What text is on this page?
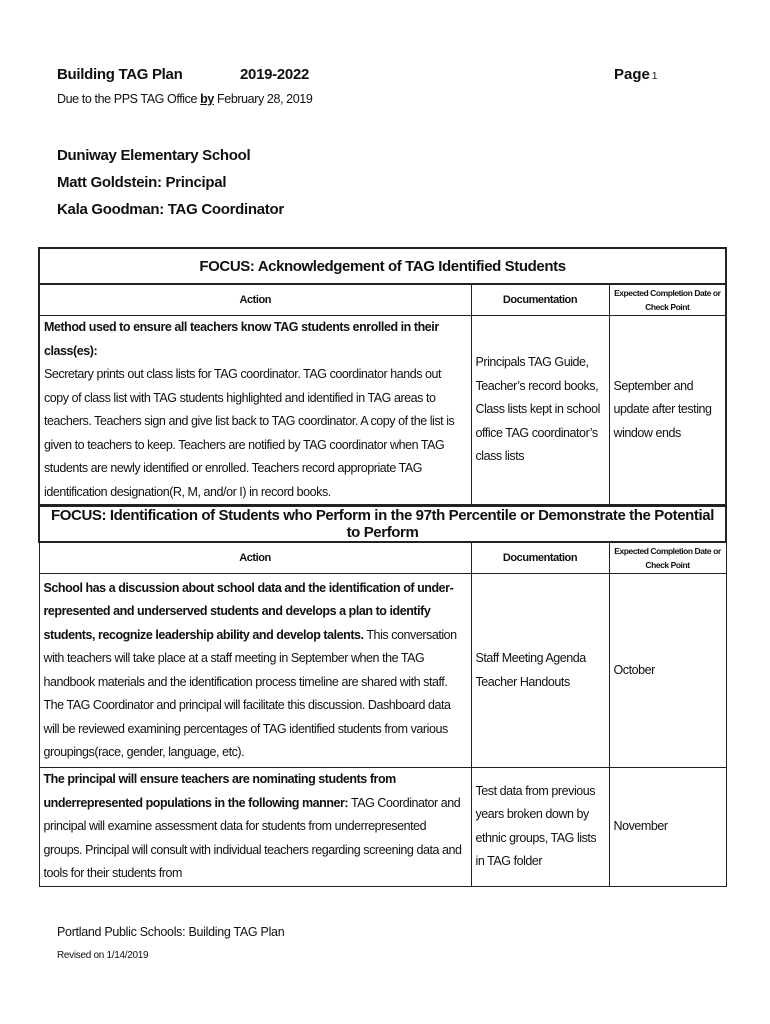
Building TAG Plan	2019-2022	Page 1
Due to the PPS TAG Office by February 28, 2019
Duniway Elementary School
Matt Goldstein: Principal
Kala Goodman: TAG Coordinator
FOCUS: Acknowledgement of TAG Identified Students		
Action	Documentation	Expected Completion Date or Check Point
Method used to ensure all teachers know TAG students enrolled in their class(es):
Secretary prints out class lists for TAG coordinator. TAG coordinator hands out copy of class list with TAG students highlighted and identified in TAG areas to teachers. Teachers sign and give list back to TAG coordinator. A copy of the list is given to teachers to keep. Teachers are notified by TAG coordinator when TAG students are newly identified or enrolled. Teachers record appropriate TAG identification designation(R, M, and/or I) in record books.	Principals TAG Guide, Teacher’s record books, Class lists kept in school office TAG coordinator’s class lists	September and update after testing window ends
FOCUS: Identification of Students who Perform in the 97th Percentile or Demonstrate the Potential to Perform		
Action	Documentation	Expected Completion Date or Check Point
School has a discussion about school data and the identification of under-represented and underserved students and develops a plan to identify students, recognize leadership ability and develop talents. This conversation with teachers will take place at a staff meeting in September when the TAG handbook materials and the identification process timeline are shared with staff. The TAG Coordinator and principal will facilitate this discussion. Dashboard data will be reviewed examining percentages of TAG identified students from various groupings(race, gender, language, etc).	Staff Meeting Agenda Teacher Handouts	October
The principal will ensure teachers are nominating students from underrepresented populations in the following manner: TAG Coordinator and principal will examine assessment data for students from underrepresented groups. Principal will consult with individual teachers regarding screening data and tools for their students from	Test data from previous years broken down by ethnic groups, TAG lists in TAG folder	November
Portland Public Schools: Building TAG Plan
Revised on 1/14/2019
